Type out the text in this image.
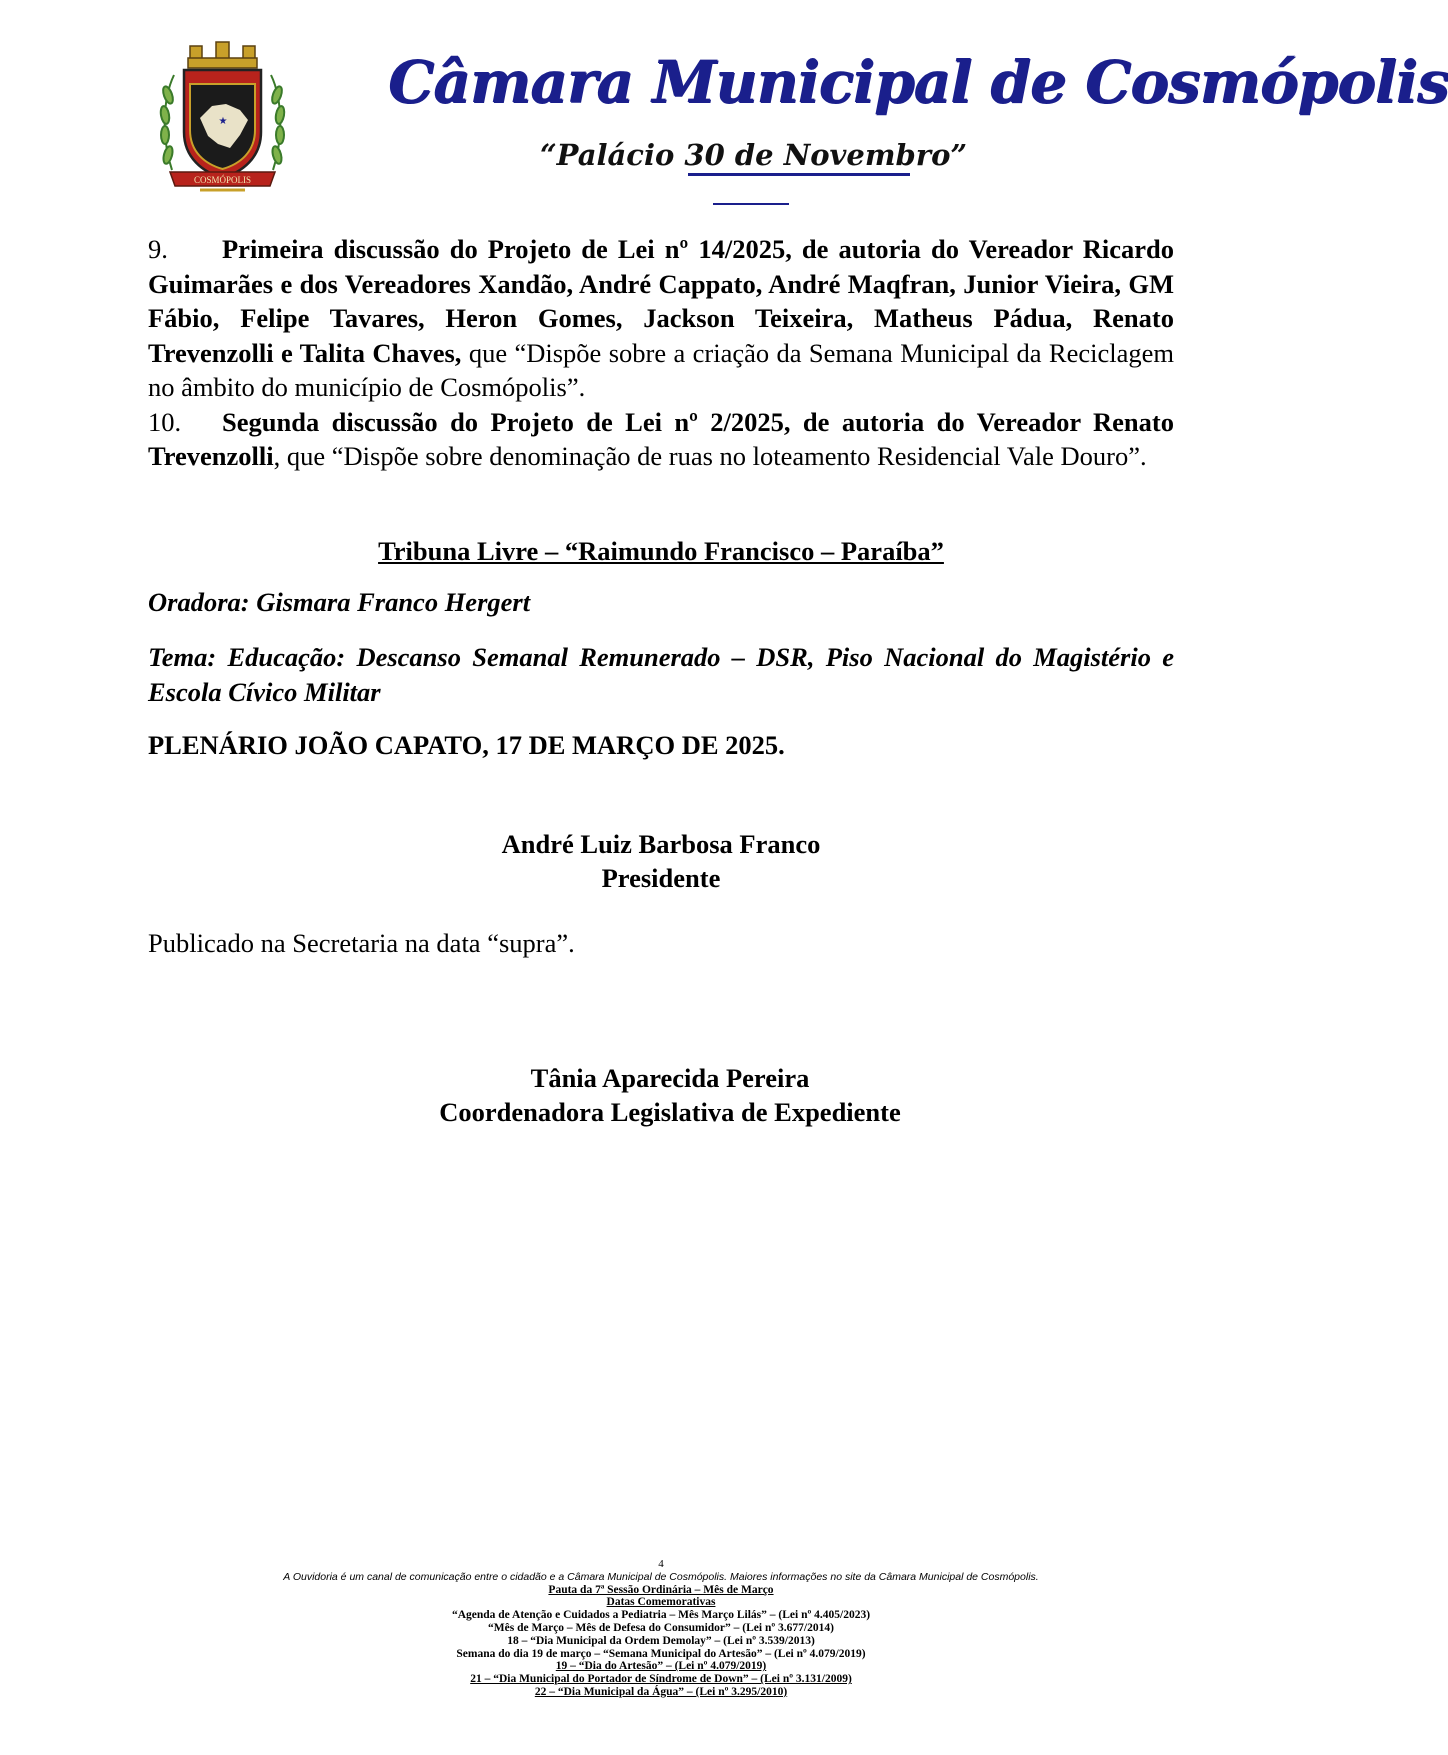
★
COSMÓPOLIS
Câmara Municipal de Cosmópolis
“Palácio 30 de Novembro”

9. Primeira discussão do Projeto de Lei nº 14/2025, de autoria do Vereador Ricardo Guimarães e dos Vereadores Xandão, André Cappato, André Maqfran, Junior Vieira, GM Fábio, Felipe Tavares, Heron Gomes, Jackson Teixeira, Matheus Pádua, Renato Trevenzolli e Talita Chaves, que “Dispõe sobre a criação da Semana Municipal da Reciclagem no âmbito do município de Cosmópolis”.

10. Segunda discussão do Projeto de Lei nº 2/2025, de autoria do Vereador Renato Trevenzolli, que “Dispõe sobre denominação de ruas no loteamento Residencial Vale Douro”.

Tribuna Livre – “Raimundo Francisco – Paraíba”
Oradora: Gismara Franco Hergert
Tema: Educação: Descanso Semanal Remunerado – DSR, Piso Nacional do Magistério e Escola Cívico Militar
PLENÁRIO JOÃO CAPATO, 17 DE MARÇO DE 2025.
André Luiz Barbosa Franco
Presidente
Publicado na Secretaria na data “supra”.
Tânia Aparecida Pereira
Coordenadora Legislativa de Expediente
4
A Ouvidoria é um canal de comunicação entre o cidadão e a Câmara Municipal de Cosmópolis. Maiores informações no site da Câmara Municipal de Cosmópolis.
Pauta da 7ª Sessão Ordinária – Mês de Março
Datas Comemorativas
“Agenda de Atenção e Cuidados a Pediatria – Mês Março Lilás” – (Lei nº 4.405/2023)
“Mês de Março – Mês de Defesa do Consumidor” – (Lei nº 3.677/2014)
18 – “Dia Municipal da Ordem Demolay” – (Lei nº 3.539/2013)
Semana do dia 19 de março – “Semana Municipal do Artesão” – (Lei nº 4.079/2019)
19 – “Dia do Artesão” – (Lei nº 4.079/2019)
21 – “Dia Municipal do Portador de Síndrome de Down” – (Lei nº 3.131/2009)
22 – “Dia Municipal da Água” – (Lei nº 3.295/2010)
